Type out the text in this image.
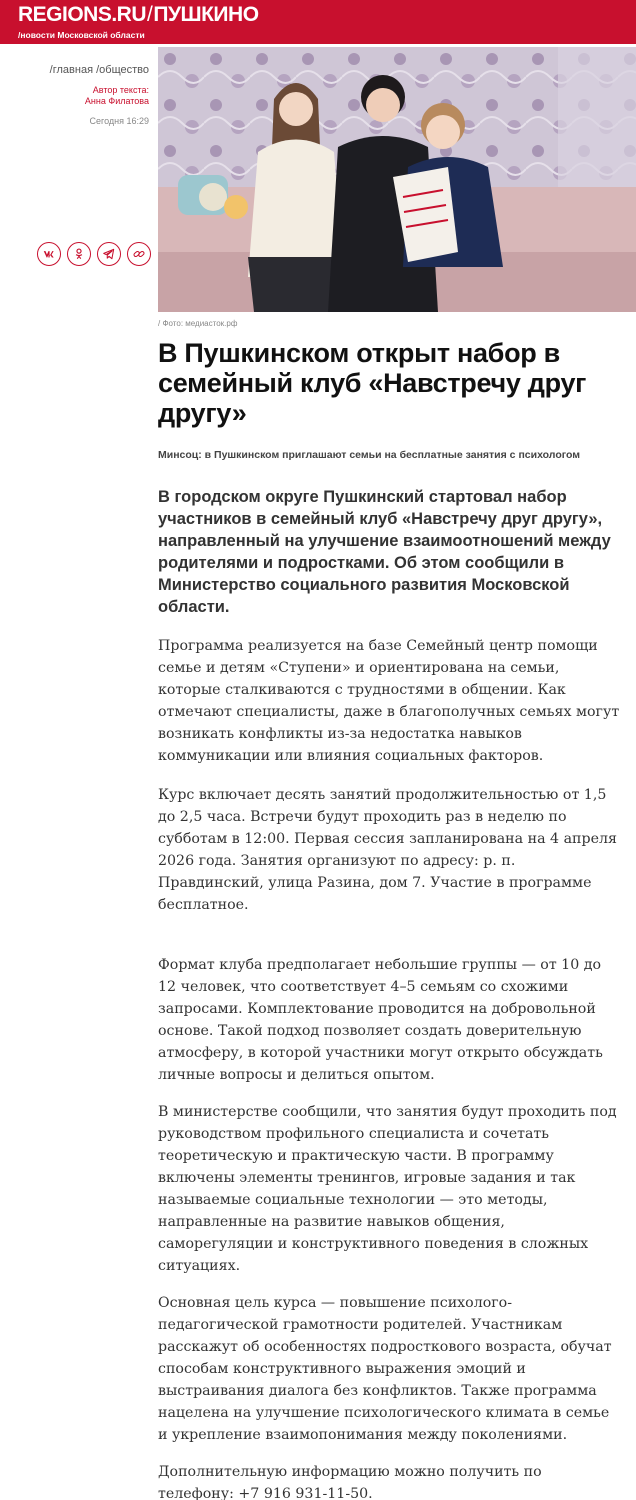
REGIONS.RU/ПУШКИНО
/новости Московской области
/главная /общество
Автор текста:
Анна Филатова
Сегодня 16:29
/ Фото: медиасток.рф
В Пушкинском открыт набор в семейный клуб «Навстречу друг другу»
Минсоц: в Пушкинском приглашают семьи на бесплатные занятия с психологом
В городском округе Пушкинский стартовал набор участников в семейный клуб «Навстречу друг другу», направленный на улучшение взаимоотношений между родителями и подростками. Об этом сообщили в Министерство социального развития Московской области.

Программа реализуется на базе Семейный центр помощи семье и детям «Ступени» и ориентирована на семьи, которые сталкиваются с трудностями в общении. Как отмечают специалисты, даже в благополучных семьях могут возникать конфликты из-за недостатка навыков коммуникации или влияния социальных факторов.

Курс включает десять занятий продолжительностью от 1,5 до 2,5 часа. Встречи будут проходить раз в неделю по субботам в 12:00. Первая сессия запланирована на 4 апреля 2026 года. Занятия организуют по адресу: р. п. Правдинский, улица Разина, дом 7. Участие в программе бесплатное.

Формат клуба предполагает небольшие группы — от 10 до 12 человек, что соответствует 4–5 семьям со схожими запросами. Комплектование проводится на добровольной основе. Такой подход позволяет создать доверительную атмосферу, в которой участники могут открыто обсуждать личные вопросы и делиться опытом.

В министерстве сообщили, что занятия будут проходить под руководством профильного специалиста и сочетать теоретическую и практическую части. В программу включены элементы тренингов, игровые задания и так называемые социальные технологии — это методы, направленные на развитие навыков общения, саморегуляции и конструктивного поведения в сложных ситуациях.

Основная цель курса — повышение психолого-педагогической грамотности родителей. Участникам расскажут об особенностях подросткового возраста, обучат способам конструктивного выражения эмоций и выстраивания диалога без конфликтов. Также программа нацелена на улучшение психологического климата в семье и укрепление взаимопонимания между поколениями.

Дополнительную информацию можно получить по телефону: +7 916 931-11-50.
